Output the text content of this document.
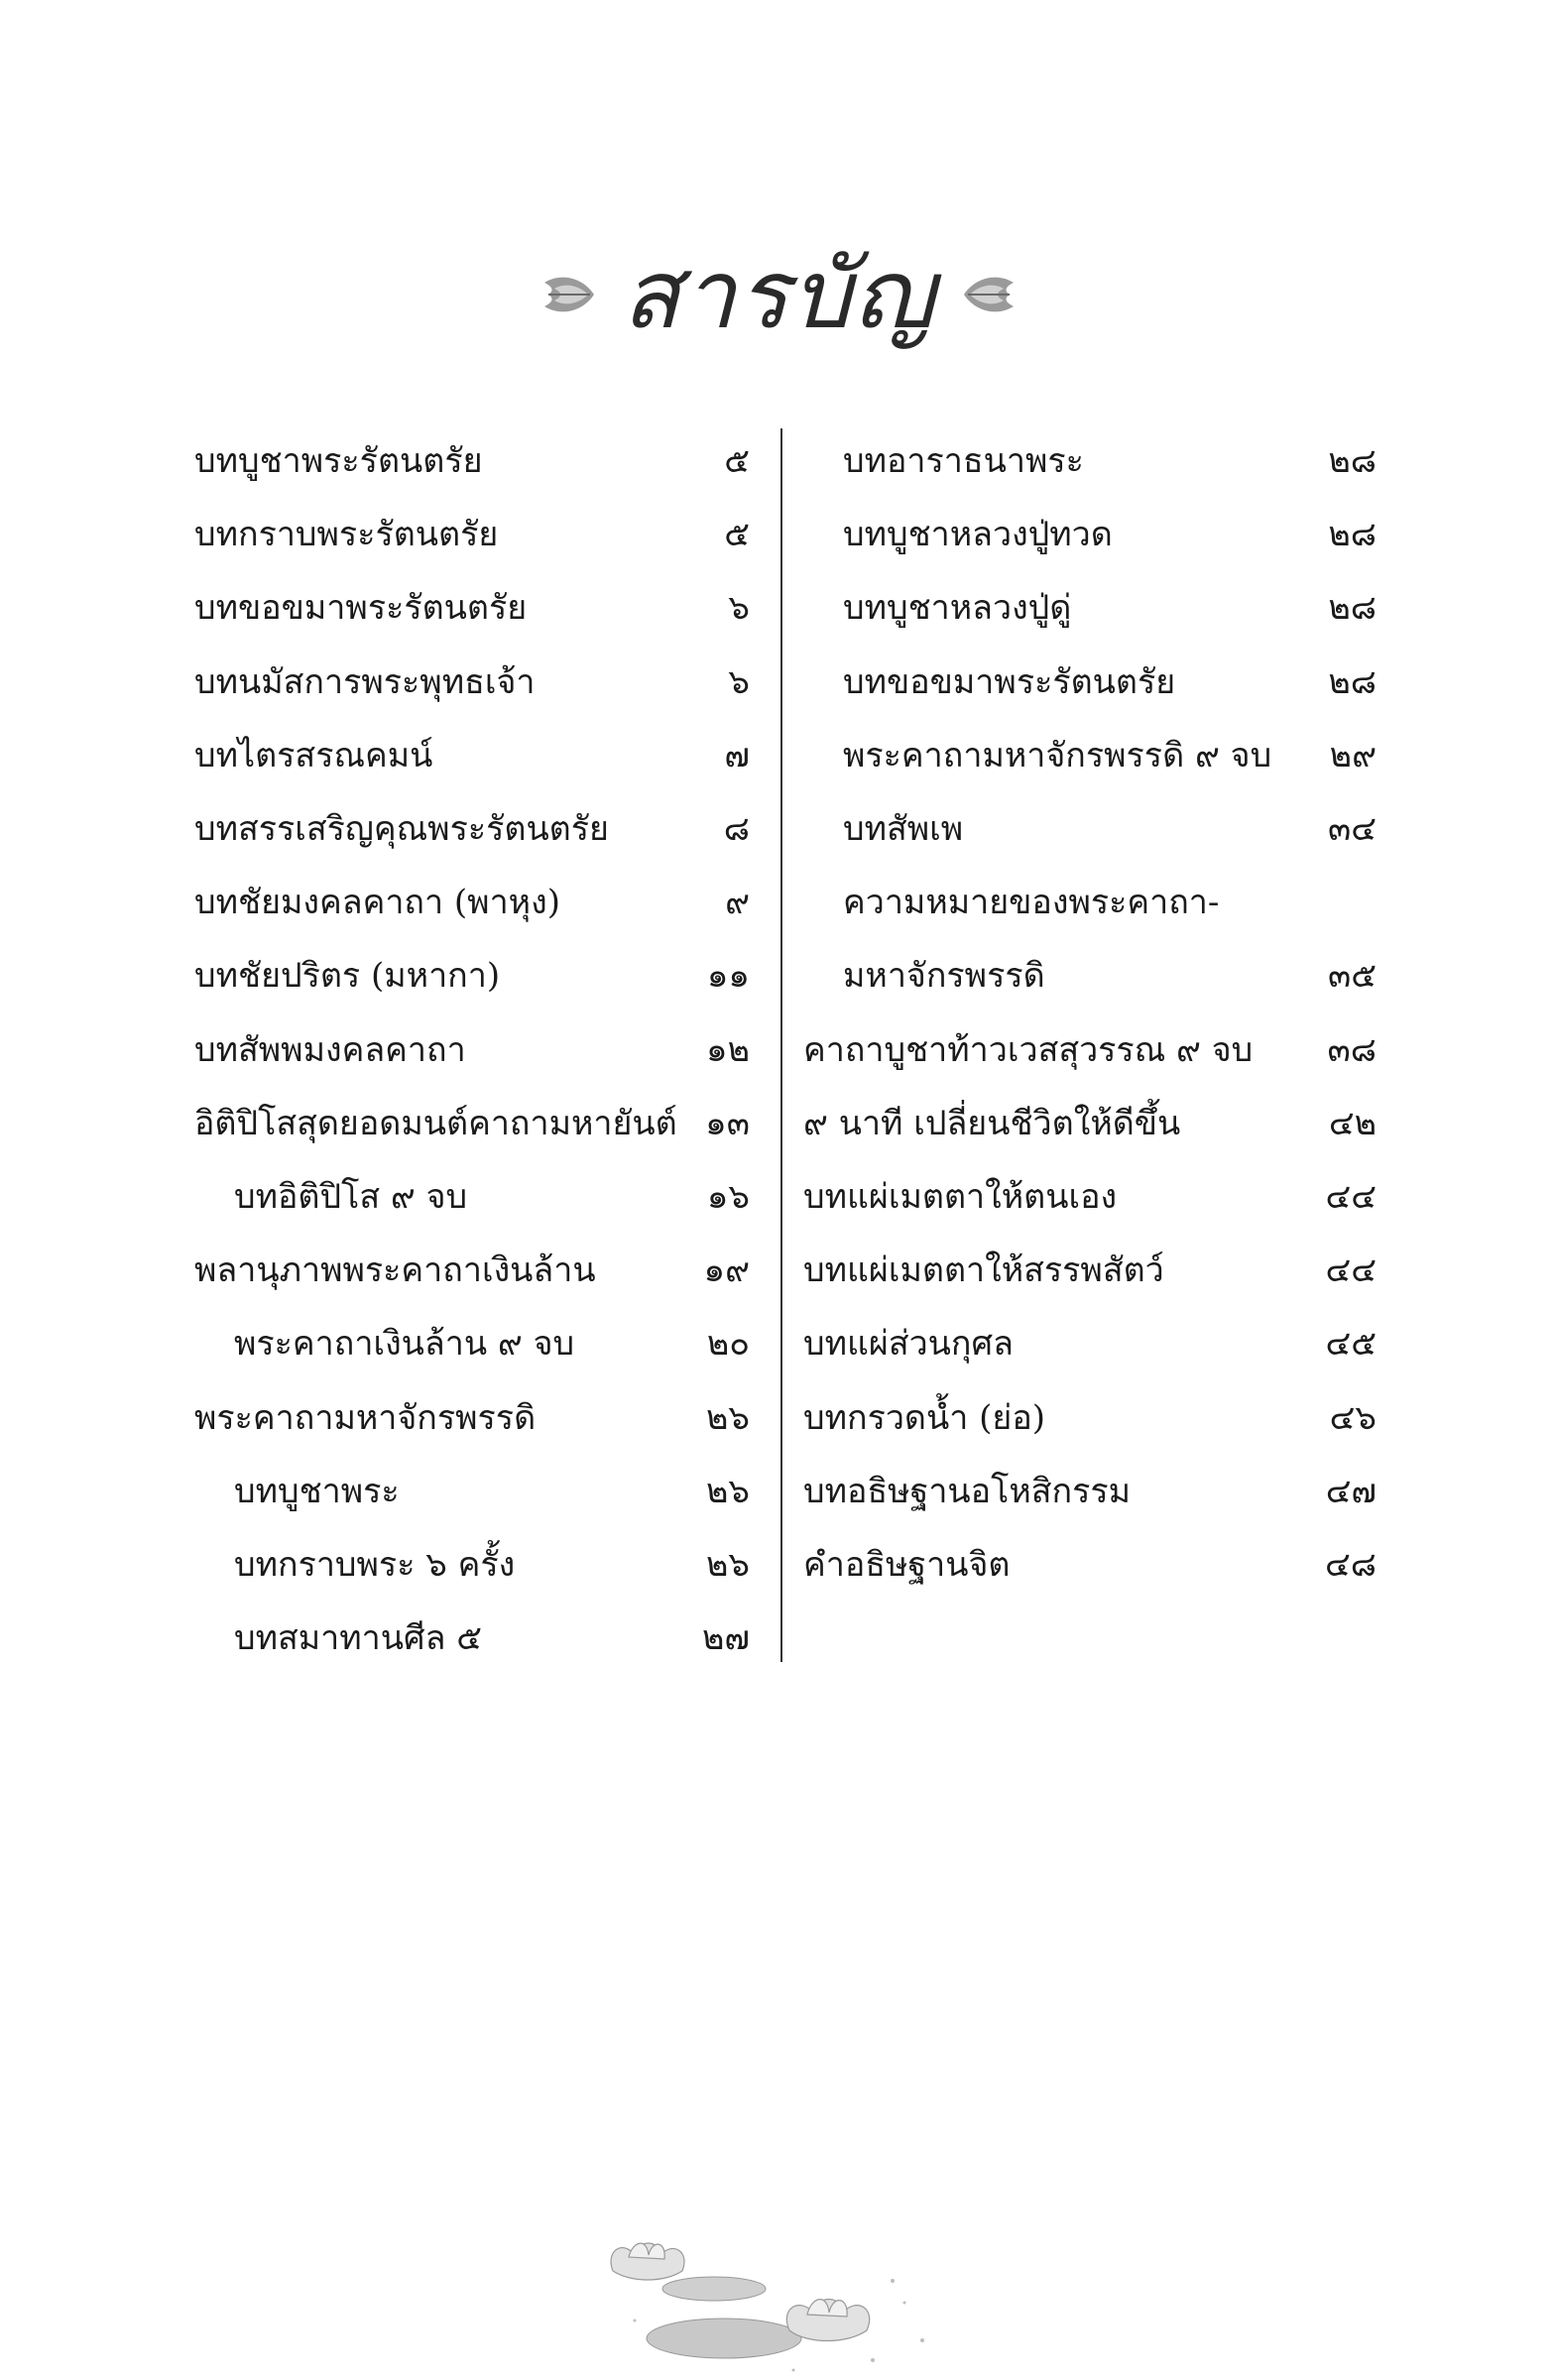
สารบัญ
บทบูชาพระรัตนตรัย	๕
บทกราบพระรัตนตรัย	๕
บทขอขมาพระรัตนตรัย	๖
บทนมัสการพระพุทธเจ้า	๖
บทไตรสรณคมน์	๗
บทสรรเสริญคุณพระรัตนตรัย	๘
บทชัยมงคลคาถา (พาหุง)	๙
บทชัยปริตร (มหากา)	๑๑
บทสัพพมงคลคาถา	๑๒
อิติปิโสสุดยอดมนต์คาถามหายันต์ ๑๓
บทอิติปิโส ๙ จบ	๑๖
พลานุภาพพระคาถาเงินล้าน	๑๙
พระคาถาเงินล้าน ๙ จบ	๒๐
พระคาถามหาจักรพรรดิ	๒๖
บทบูชาพระ	๒๖
บทกราบพระ ๖ ครั้ง	๒๖
บทสมาทานศีล ๕	๒๗
บทอาราธนาพระ	๒๘
บทบูชาหลวงปู่ทวด	๒๘
บทบูชาหลวงปู่ดู่	๒๘
บทขอขมาพระรัตนตรัย	๒๘
พระคาถามหาจักรพรรดิ ๙ จบ ๒๙
บทสัพเพ	๓๔
ความหมายของพระคาถา-
มหาจักรพรรดิ	๓๕
คาถาบูชาท้าวเวสสุวรรณ ๙ จบ ๓๘
๙ นาที เปลี่ยนชีวิตให้ดีขึ้น	๔๒
บทแผ่เมตตาให้ตนเอง	๔๔
บทแผ่เมตตาให้สรรพสัตว์	๔๔
บทแผ่ส่วนกุศล	๔๕
บทกรวดน้ำ (ย่อ)	๔๖
บทอธิษฐานอโหสิกรรม	๔๗
คำอธิษฐานจิต	๔๘
